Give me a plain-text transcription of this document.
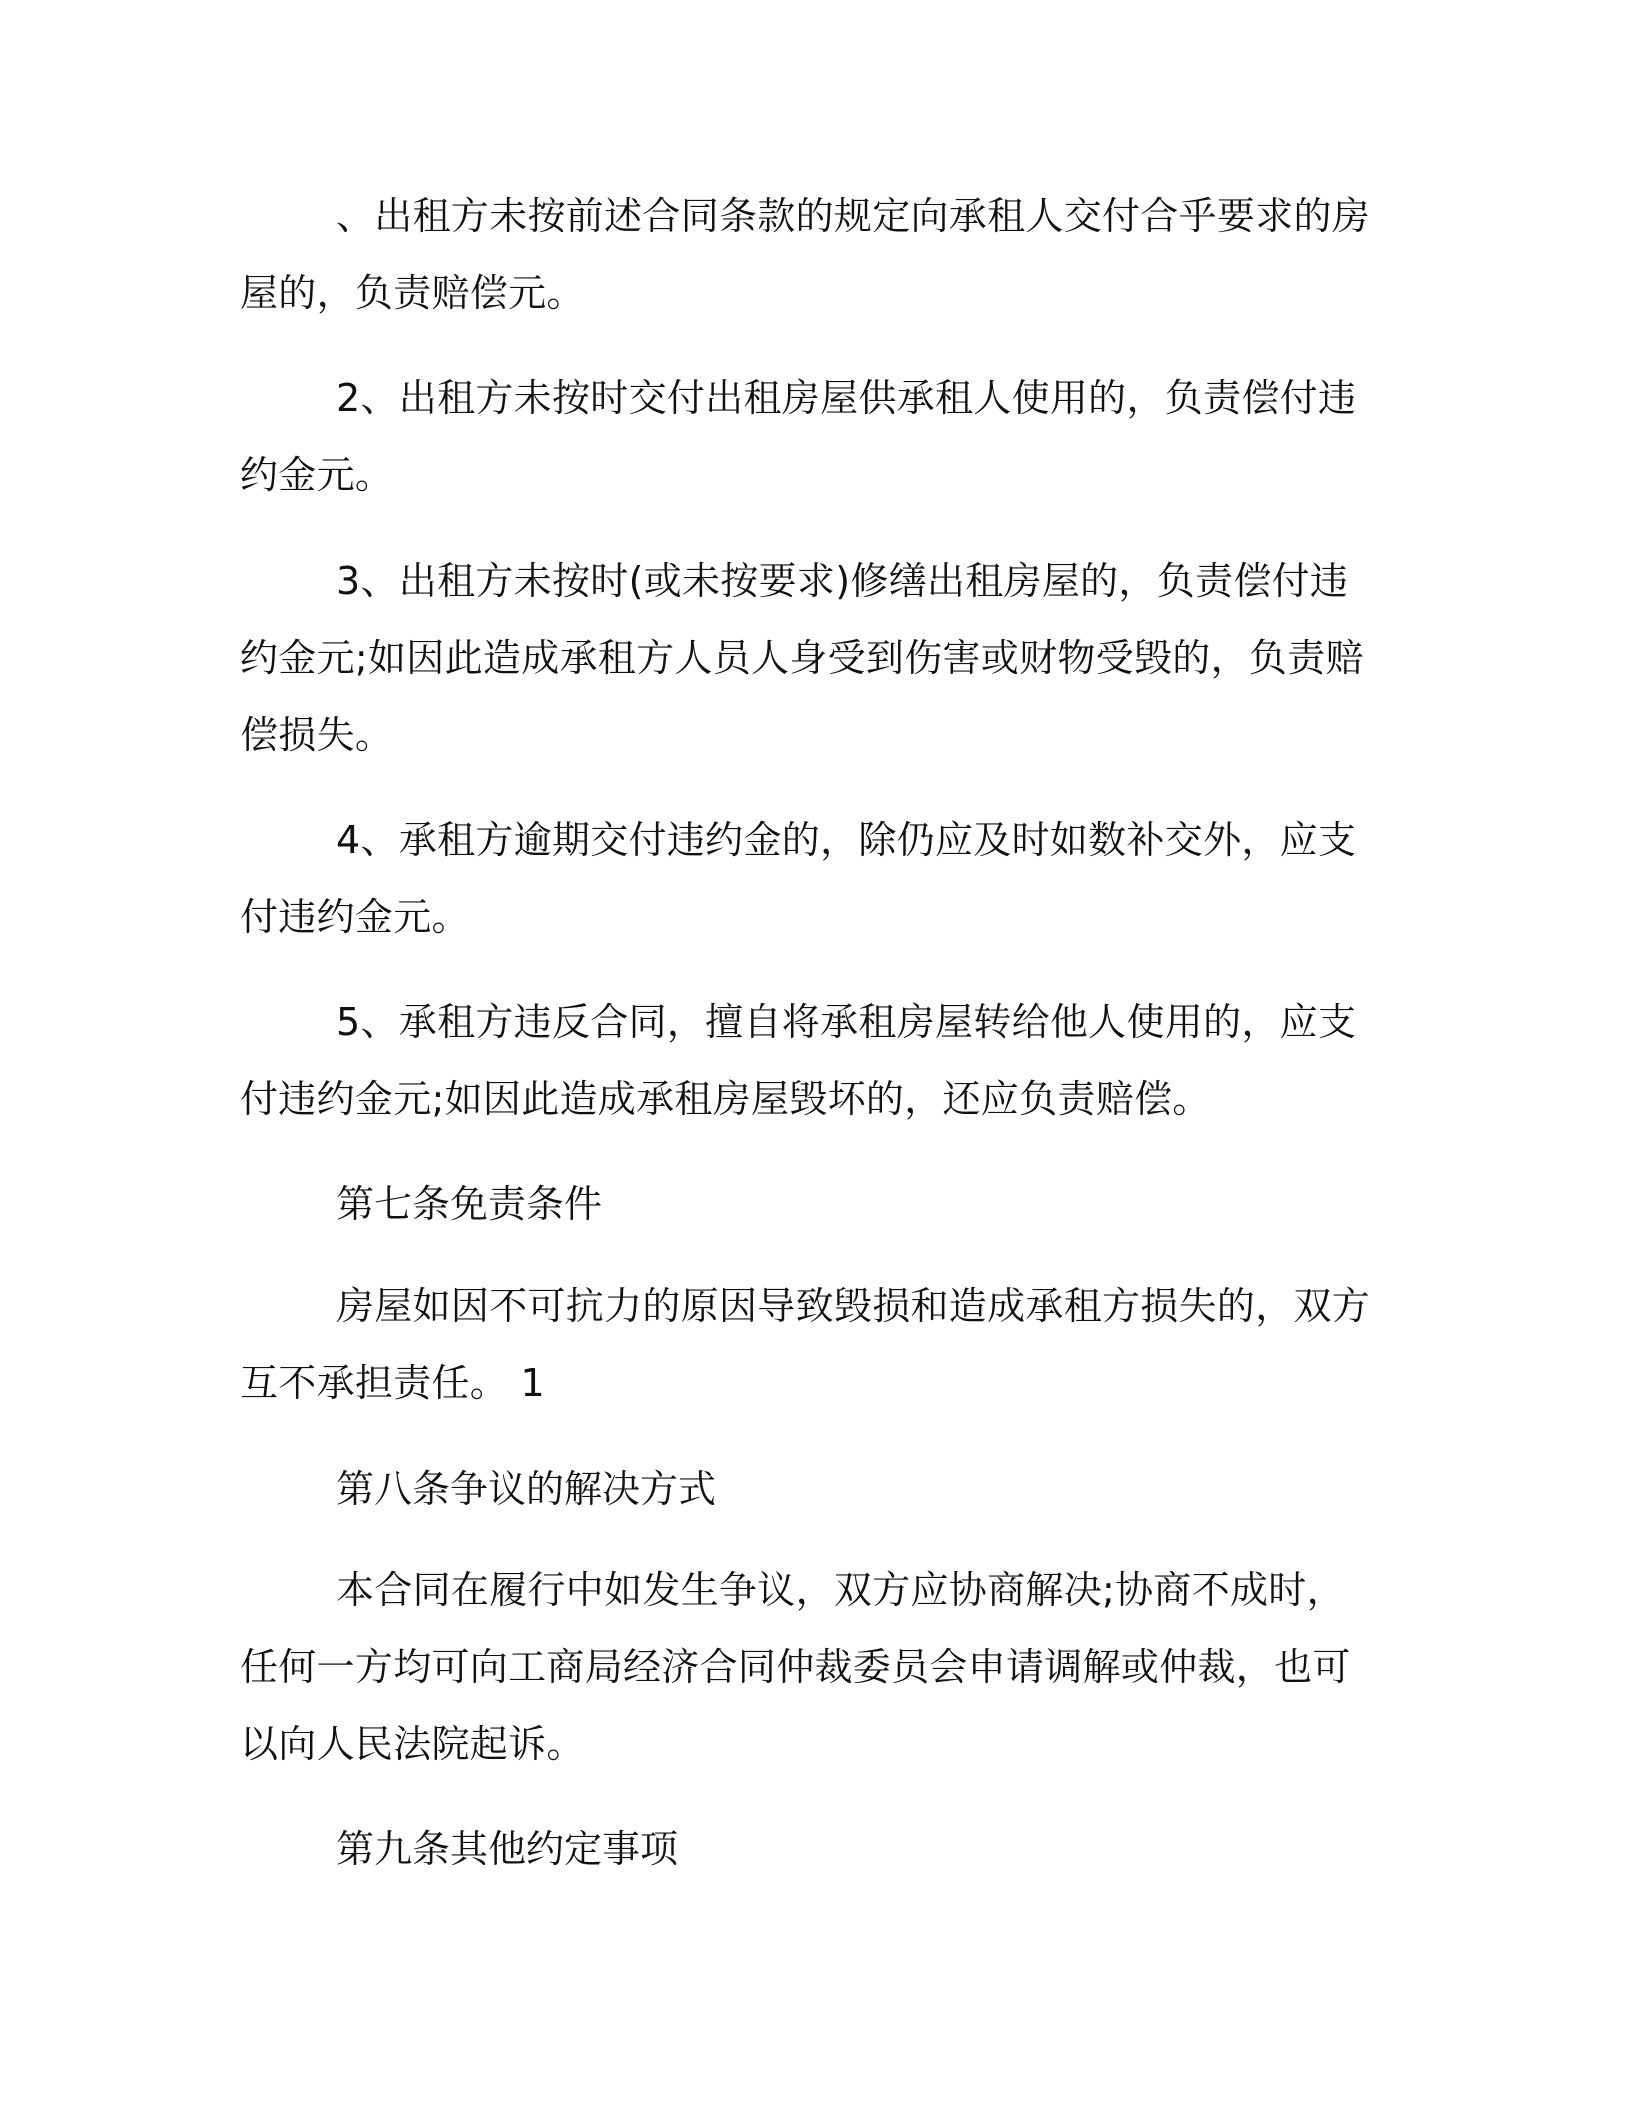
、出租方未按前述合同条款的规定向承租人交付合乎要求的房屋的，负责赔偿元。

2、出租方未按时交付出租房屋供承租人使用的，负责偿付违约金元。

3、出租方未按时(或未按要求)修缮出租房屋的，负责偿付违约金元;如因此造成承租方人员人身受到伤害或财物受毁的，负责赔偿损失。

4、承租方逾期交付违约金的，除仍应及时如数补交外，应支付违约金元。

5、承租方违反合同，擅自将承租房屋转给他人使用的，应支付违约金元;如因此造成承租房屋毁坏的，还应负责赔偿。

第七条免责条件

房屋如因不可抗力的原因导致毁损和造成承租方损失的，双方互不承担责任。 1

第八条争议的解决方式

本合同在履行中如发生争议，双方应协商解决;协商不成时，任何一方均可向工商局经济合同仲裁委员会申请调解或仲裁，也可以向人民法院起诉。

第九条其他约定事项
